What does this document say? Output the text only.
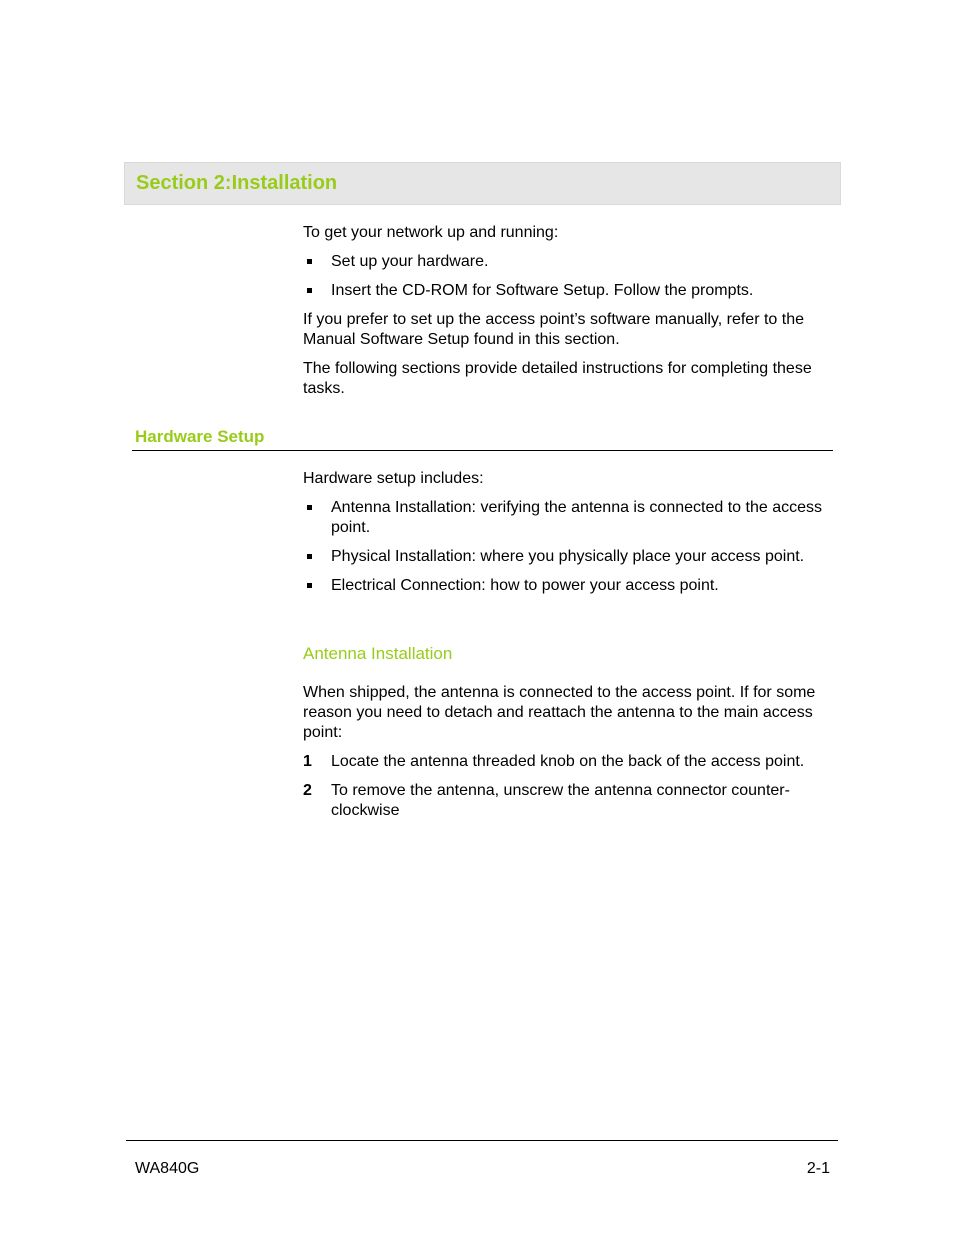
Section 2:Installation

To get your network up and running:

Set up your hardware.
Insert the CD-ROM for Software Setup. Follow the prompts.

If you prefer to set up the access point’s software manually, refer to the Manual Software Setup found in this section.

The following sections provide detailed instructions for completing these tasks.

Hardware Setup

Hardware setup includes:

Antenna Installation: verifying the antenna is connected to the access point.
Physical Installation: where you physically place your access point.
Electrical Connection: how to power your access point.
Antenna Installation

When shipped, the antenna is connected to the access point. If for some reason you need to detach and reattach the antenna to the main access point:

1 Locate the antenna threaded knob on the back of the access point.
2 To remove the antenna, unscrew the antenna connector counter-clockwise
WA840G	2-1
